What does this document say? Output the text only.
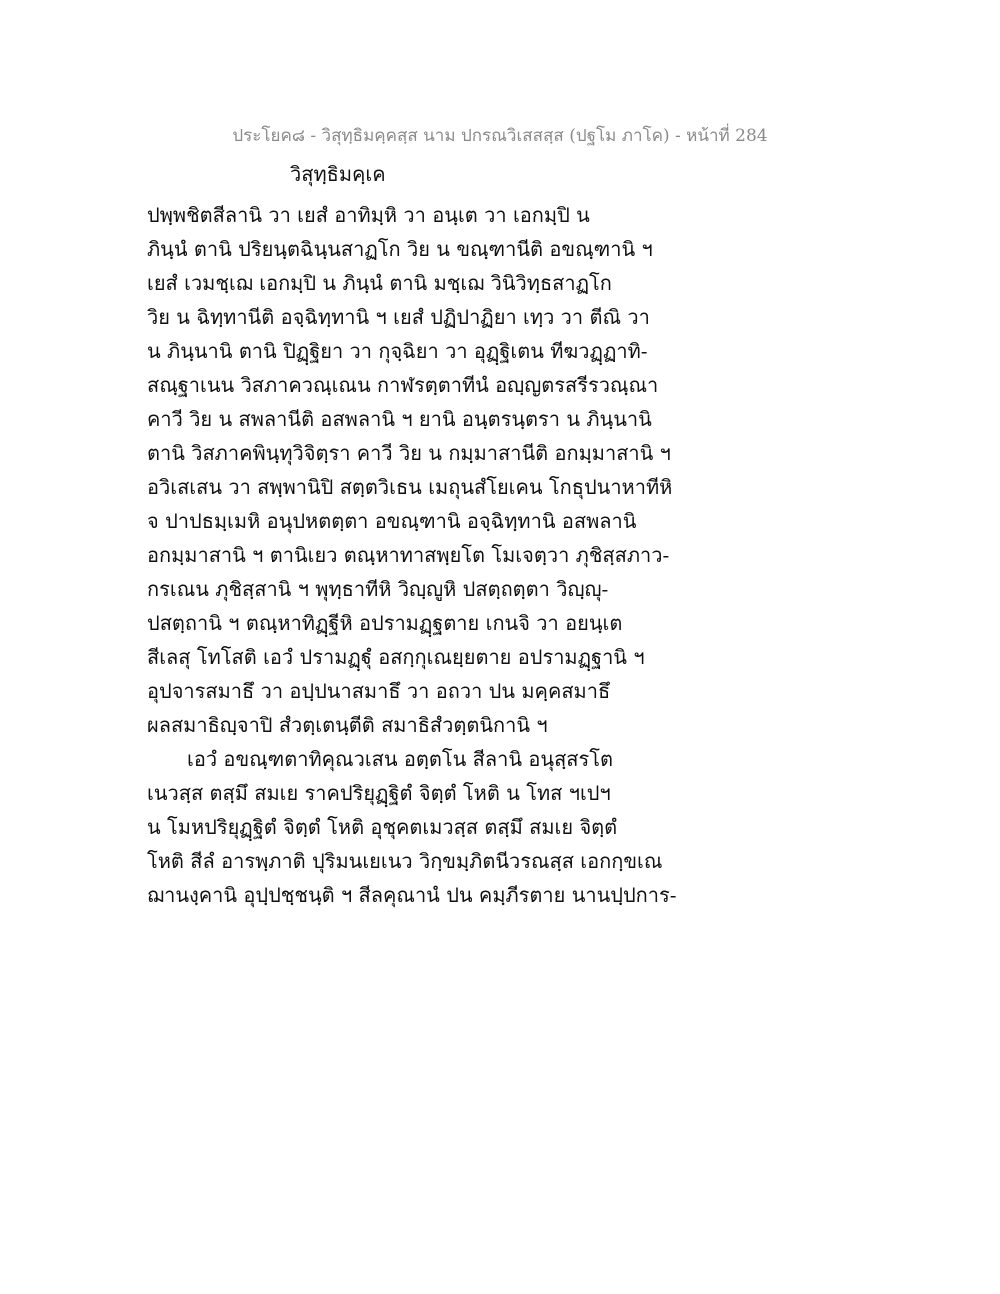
ประโยค๘ - วิสุทฺธิมคฺคสฺส นาม ปกรณวิเสสสฺส (ปฐโม ภาโค) - หน้าที่ 284
วิสุทฺธิมคฺเค
ปพฺพชิตสีลานิ วา เยสํ อาทิมฺหิ วา อนฺเต วา เอกมฺปิ น
ภินฺนํ ตานิ ปริยนฺตฉินฺนสาฏโก วิย น ขณฺฑานีติ อขณฺฑานิ ฯ
เยสํ เวมชฺเฌ เอกมฺปิ น ภินฺนํ ตานิ มชฺเฌ วินิวิทฺธสาฏโก
วิย น ฉิทฺทานีติ อจฺฉิทฺทานิ ฯ เยสํ ปฏิปาฏิยา เทฺว วา ตีณิ วา
น ภินฺนานิ ตานิ ปิฏฺฐิยา วา กุจฺฉิยา วา อุฏฺฐิเตน ทีฆวฏฺฏาทิ-
สณฺฐาเนน วิสภาควณฺเณน กาฬรตฺตาทีนํ อญฺญตรสรีรวณฺณา
คาวี วิย น สพลานีติ อสพลานิ ฯ ยานิ อนฺตรนฺตรา น ภินฺนานิ
ตานิ วิสภาคพินฺทุวิจิตฺรา คาวี วิย น กมฺมาสานีติ อกมฺมาสานิ ฯ
อวิเสเสน วา สพฺพานิปิ สตฺตวิเธน เมถุนสํโยเคน โกธุปนาหาทีหิ
จ ปาปธมฺเมหิ อนุปหตตฺตา อขณฺฑานิ อจฺฉิทฺทานิ อสพลานิ
อกมฺมาสานิ ฯ ตานิเยว ตณฺหาทาสพฺยโต โมเจตฺวา ภุชิสฺสภาว-
กรเณน ภุชิสฺสานิ ฯ พุทฺธาทีหิ วิญฺญูหิ ปสตฺถตฺตา วิญฺญุ-
ปสตฺถานิ ฯ ตณฺหาทิฏฺฐีหิ อปรามฏฺฐตาย เกนจิ วา อยนฺเต
สีเลสุ โทโสติ เอวํ ปรามฏฺฐุํ อสกฺกุเณยฺยตาย อปรามฏฺฐานิ ฯ
อุปจารสมาธึ วา อปฺปนาสมาธึ วา อถวา ปน มคฺคสมาธึ
ผลสมาธิญฺจาปิ สํวตฺเตนฺตีติ สมาธิสํวตฺตนิกานิ ฯ
เอวํ อขณฺฑตาทิคุณวเสน อตฺตโน สีลานิ อนุสฺสรโต
เนวสฺส ตสฺมึ สมเย ราคปริยุฏฺฐิตํ จิตฺตํ โหติ น โทส ฯเปฯ
น โมหปริยุฏฺฐิตํ จิตฺตํ โหติ อุชุคตเมวสฺส ตสฺมึ สมเย จิตฺตํ
โหติ สีลํ อารพฺภาติ ปุริมนเยเนว วิกฺขมฺภิตนีวรณสฺส เอกกฺขเณ
ฌานงฺคานิ อุปฺปชฺชนฺติ ฯ สีลคุณานํ ปน คมฺภีรตาย นานปฺปการ-
